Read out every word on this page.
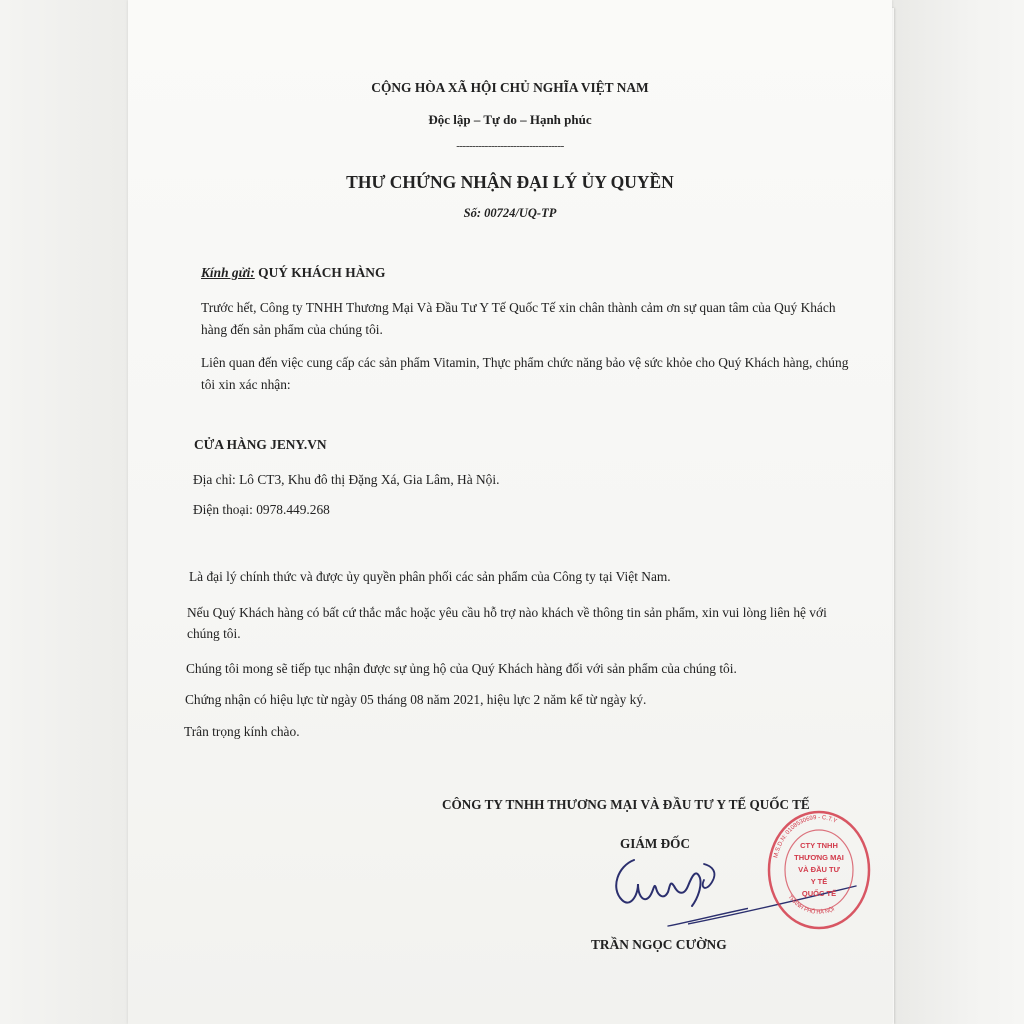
CỘNG HÒA XÃ HỘI CHỦ NGHĨA VIỆT NAM
Độc lập – Tự do – Hạnh phúc
----------------------------------
THƯ CHỨNG NHẬN ĐẠI LÝ ỦY QUYỀN
Số: 00724/UQ-TP
Kính gửi: QUÝ KHÁCH HÀNG
Trước hết, Công ty TNHH Thương Mại Và Đầu Tư Y Tế Quốc Tế xin chân thành cảm ơn sự quan tâm của Quý Khách
hàng đến sản phẩm của chúng tôi.
Liên quan đến việc cung cấp các sản phẩm Vitamin, Thực phẩm chức năng bảo vệ sức khỏe cho Quý Khách hàng, chúng
tôi xin xác nhận:
CỬA HÀNG JENY.VN
Địa chỉ: Lô CT3, Khu đô thị Đặng Xá, Gia Lâm, Hà Nội.
Điện thoại: 0978.449.268
Là đại lý chính thức và được ủy quyền phân phối các sản phẩm của Công ty tại Việt Nam.
Nếu Quý Khách hàng có bất cứ thắc mắc hoặc yêu cầu hỗ trợ nào khách về thông tin sản phẩm, xin vui lòng liên hệ với
chúng tôi.
Chúng tôi mong sẽ tiếp tục nhận được sự ủng hộ của Quý Khách hàng đối với sản phẩm của chúng tôi.
Chứng nhận có hiệu lực từ ngày 05 tháng 08 năm 2021, hiệu lực 2 năm kể từ ngày ký.
Trân trọng kính chào.
CÔNG TY TNHH THƯƠNG MẠI VÀ ĐẦU TƯ Y TẾ QUỐC TẾ
GIÁM ĐỐC	CTY TNHH
THƯƠNG MẠI
VÀ ĐẦU TƯ
Y TẾ
QUỐC TẾ
M.S.D.N: 0108530699 - C.T.Y
THÀNH PHỐ HÀ NỘI
TRẦN NGỌC CƯỜNG
